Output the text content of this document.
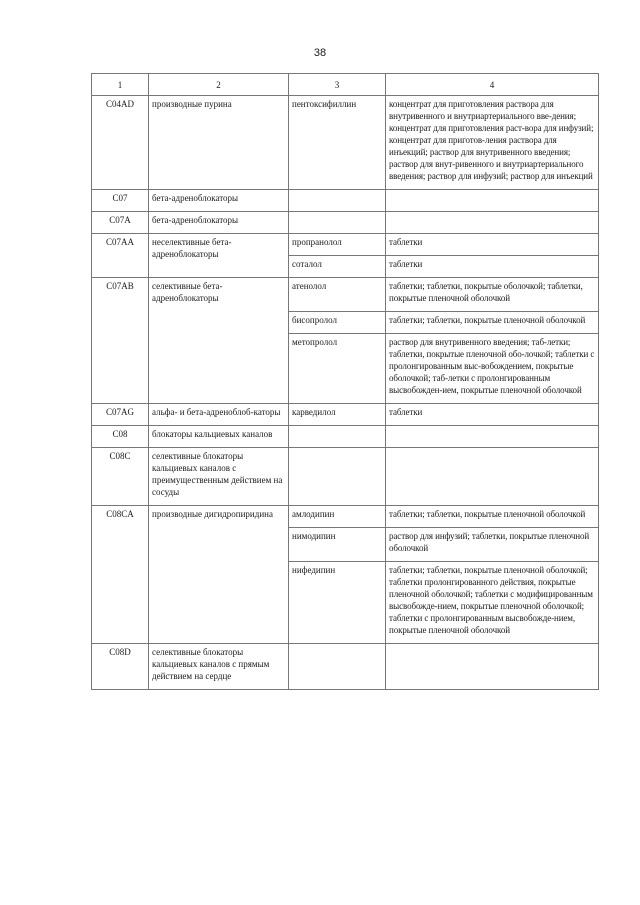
38
1	2	3	4
C04AD	производные пурина	пентоксифиллин	концентрат для приготовления раствора для внутривенного и внутриартериального вве-дения; концентрат для приготовления раст-вора для инфузий; концентрат для приготов-ления раствора для инъекций; раствор для внутривенного введения; раствор для внут-ривенного и внутриартериального введения; раствор для инфузий; раствор для инъекций
C07	бета-адреноблокаторы		
C07A	бета-адреноблокаторы		
C07AA	неселективные бета-адреноблокаторы	пропранолол	таблетки
		соталол	таблетки
C07AB	селективные бета-адреноблокаторы	атенолол	таблетки; таблетки, покрытые оболочкой; таблетки, покрытые пленочной оболочкой
		бисопролол	таблетки; таблетки, покрытые пленочной оболочкой
		метопролол	раствор для внутривенного введения; таб-летки; таблетки, покрытые пленочной обо-лочкой; таблетки с пролонгированным выс-вобождением, покрытые оболочкой; таб-летки с пролонгированным высвобожден-ием, покрытые пленочной оболочкой
C07AG	альфа- и бета-адреноблоб-каторы	карведилол	таблетки
C08	блокаторы кальциевых каналов		
C08C	селективные блокаторы кальциевых каналов с преимущественным действием на сосуды		
C08CA	производные дигидропиридина	амлодипин	таблетки; таблетки, покрытые пленочной оболочкой
		нимодипин	раствор для инфузий; таблетки, покрытые пленочной оболочкой
		нифедипин	таблетки; таблетки, покрытые пленочной оболочкой; таблетки пролонгированного действия, покрытые пленочной оболочкой; таблетки с модифицированным высвобожде-нием, покрытые пленочной оболочкой; таблетки с пролонгированным высвобожде-нием, покрытые пленочной оболочкой
C08D	селективные блокаторы кальциевых каналов с прямым действием на сердце		
